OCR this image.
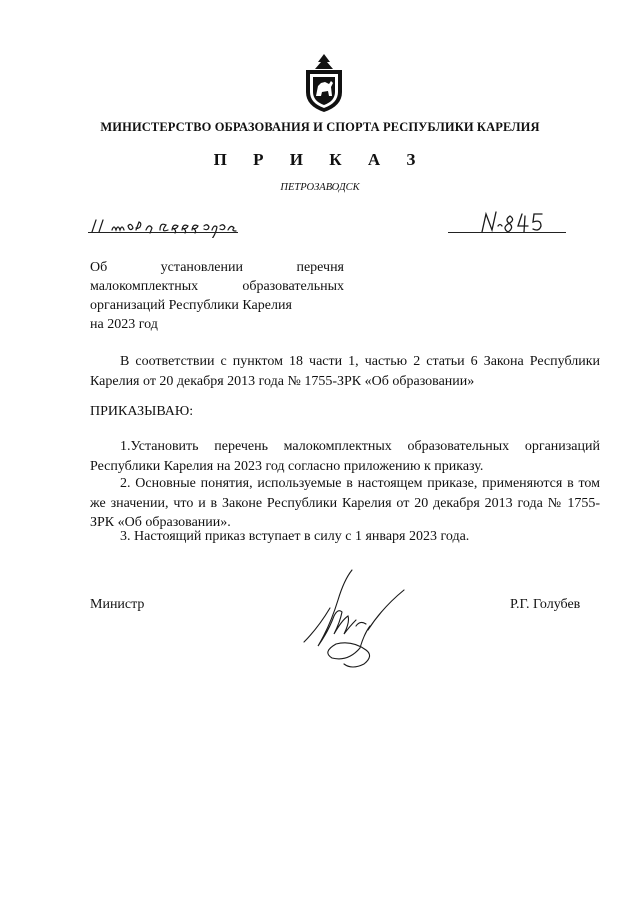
МИНИСТЕРСТВО ОБРАЗОВАНИЯ И СПОРТА РЕСПУБЛИКИ КАРЕЛИЯ
П Р И К А З
ПЕТРОЗАВОДСК
Об установлении перечня
малокомплектных образовательных
организаций Республики Карелия
на 2023 год
В соответствии с пунктом 18 части 1, частью 2 статьи 6 Закона Республики Карелия от 20 декабря 2013 года № 1755-ЗРК «Об образовании»
ПРИКАЗЫВАЮ:
1.Установить перечень малокомплектных образовательных организаций Республики Карелия на 2023 год согласно приложению к приказу.
2. Основные понятия, используемые в настоящем приказе, применяются в том же значении, что и в Законе Республики Карелия от 20 декабря 2013 года № 1755-ЗРК «Об образовании».
3. Настоящий приказ вступает в силу с 1 января 2023 года.
Министр	Р.Г. Голубев
